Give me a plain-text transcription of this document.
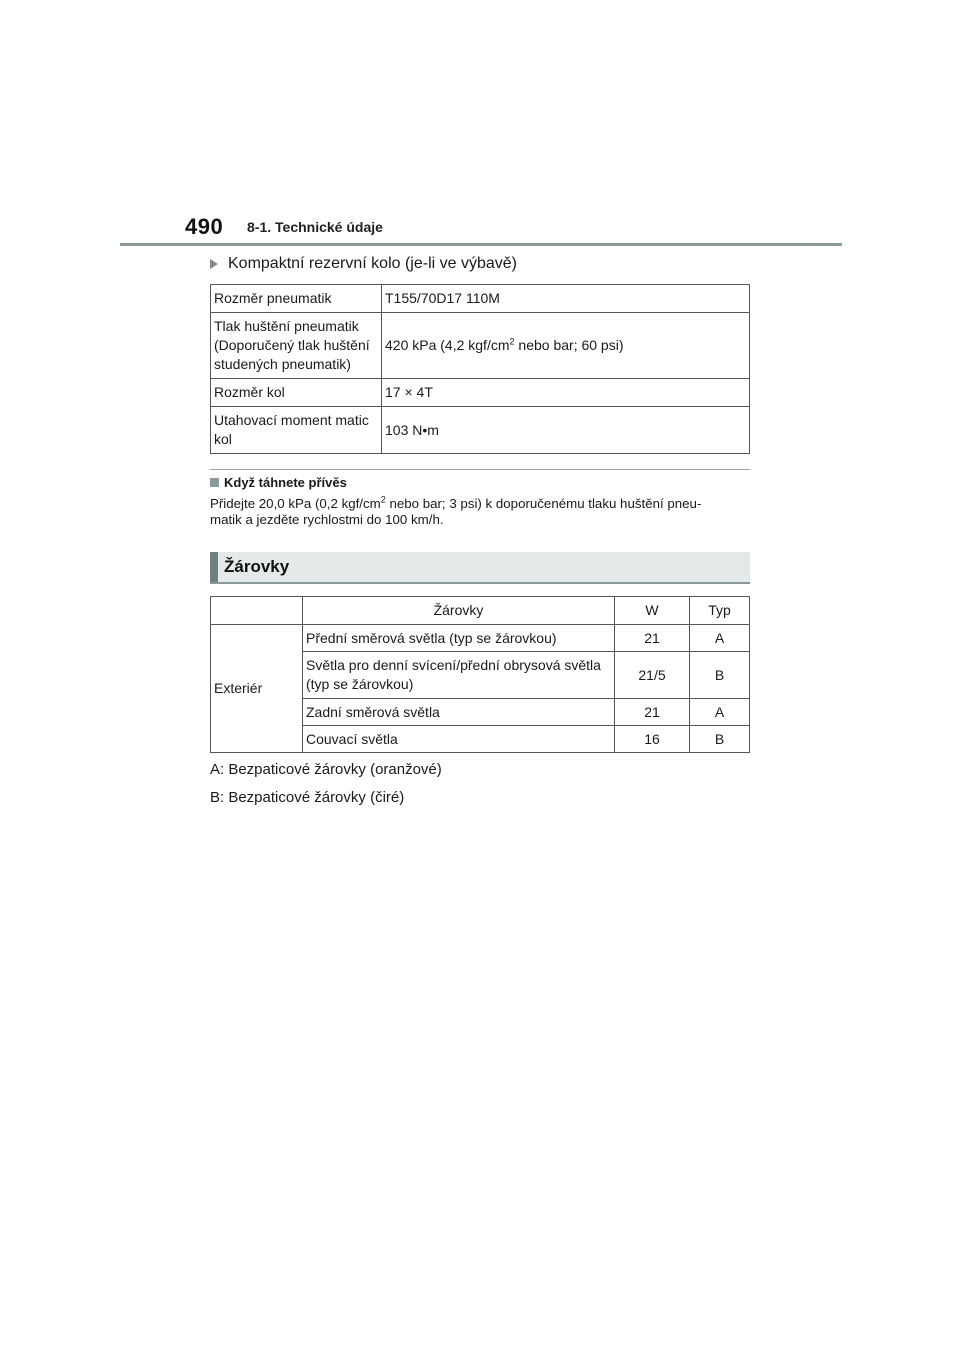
490 8-1. Technické údaje
Kompaktní rezervní kolo (je-li ve výbavě)
Rozměr pneumatik	T155/70D17 110M

Tlak huštění pneumatik
(Doporučený tlak huštění
studených pneumatik)	420 kPa (4,2 kgf/$cm^2$ nebo bar; 60 psi)
Rozměr kol	17 × 4T

Utahovací moment matic
kol	103 N•m
Když táhnete přívěs
Přidejte 20,0 kPa (0,2 kgf/$cm^2$ nebo bar; 3 psi) k doporučenému tlaku huštění pneu-
matik a jezděte rychlostmi do 100 km/h.
Žárovky
	Žárovky	W	Typ
Exteriér	Přední směrová světla (typ se žárovkou)	21	A

	Světla pro denní svícení/přední obrysová světla
(typ se žárovkou)	21/5	B
	Zadní směrová světla	21	A
	Couvací světla	16	B
A: Bezpaticové žárovky (oranžové)
B: Bezpaticové žárovky (čiré)
